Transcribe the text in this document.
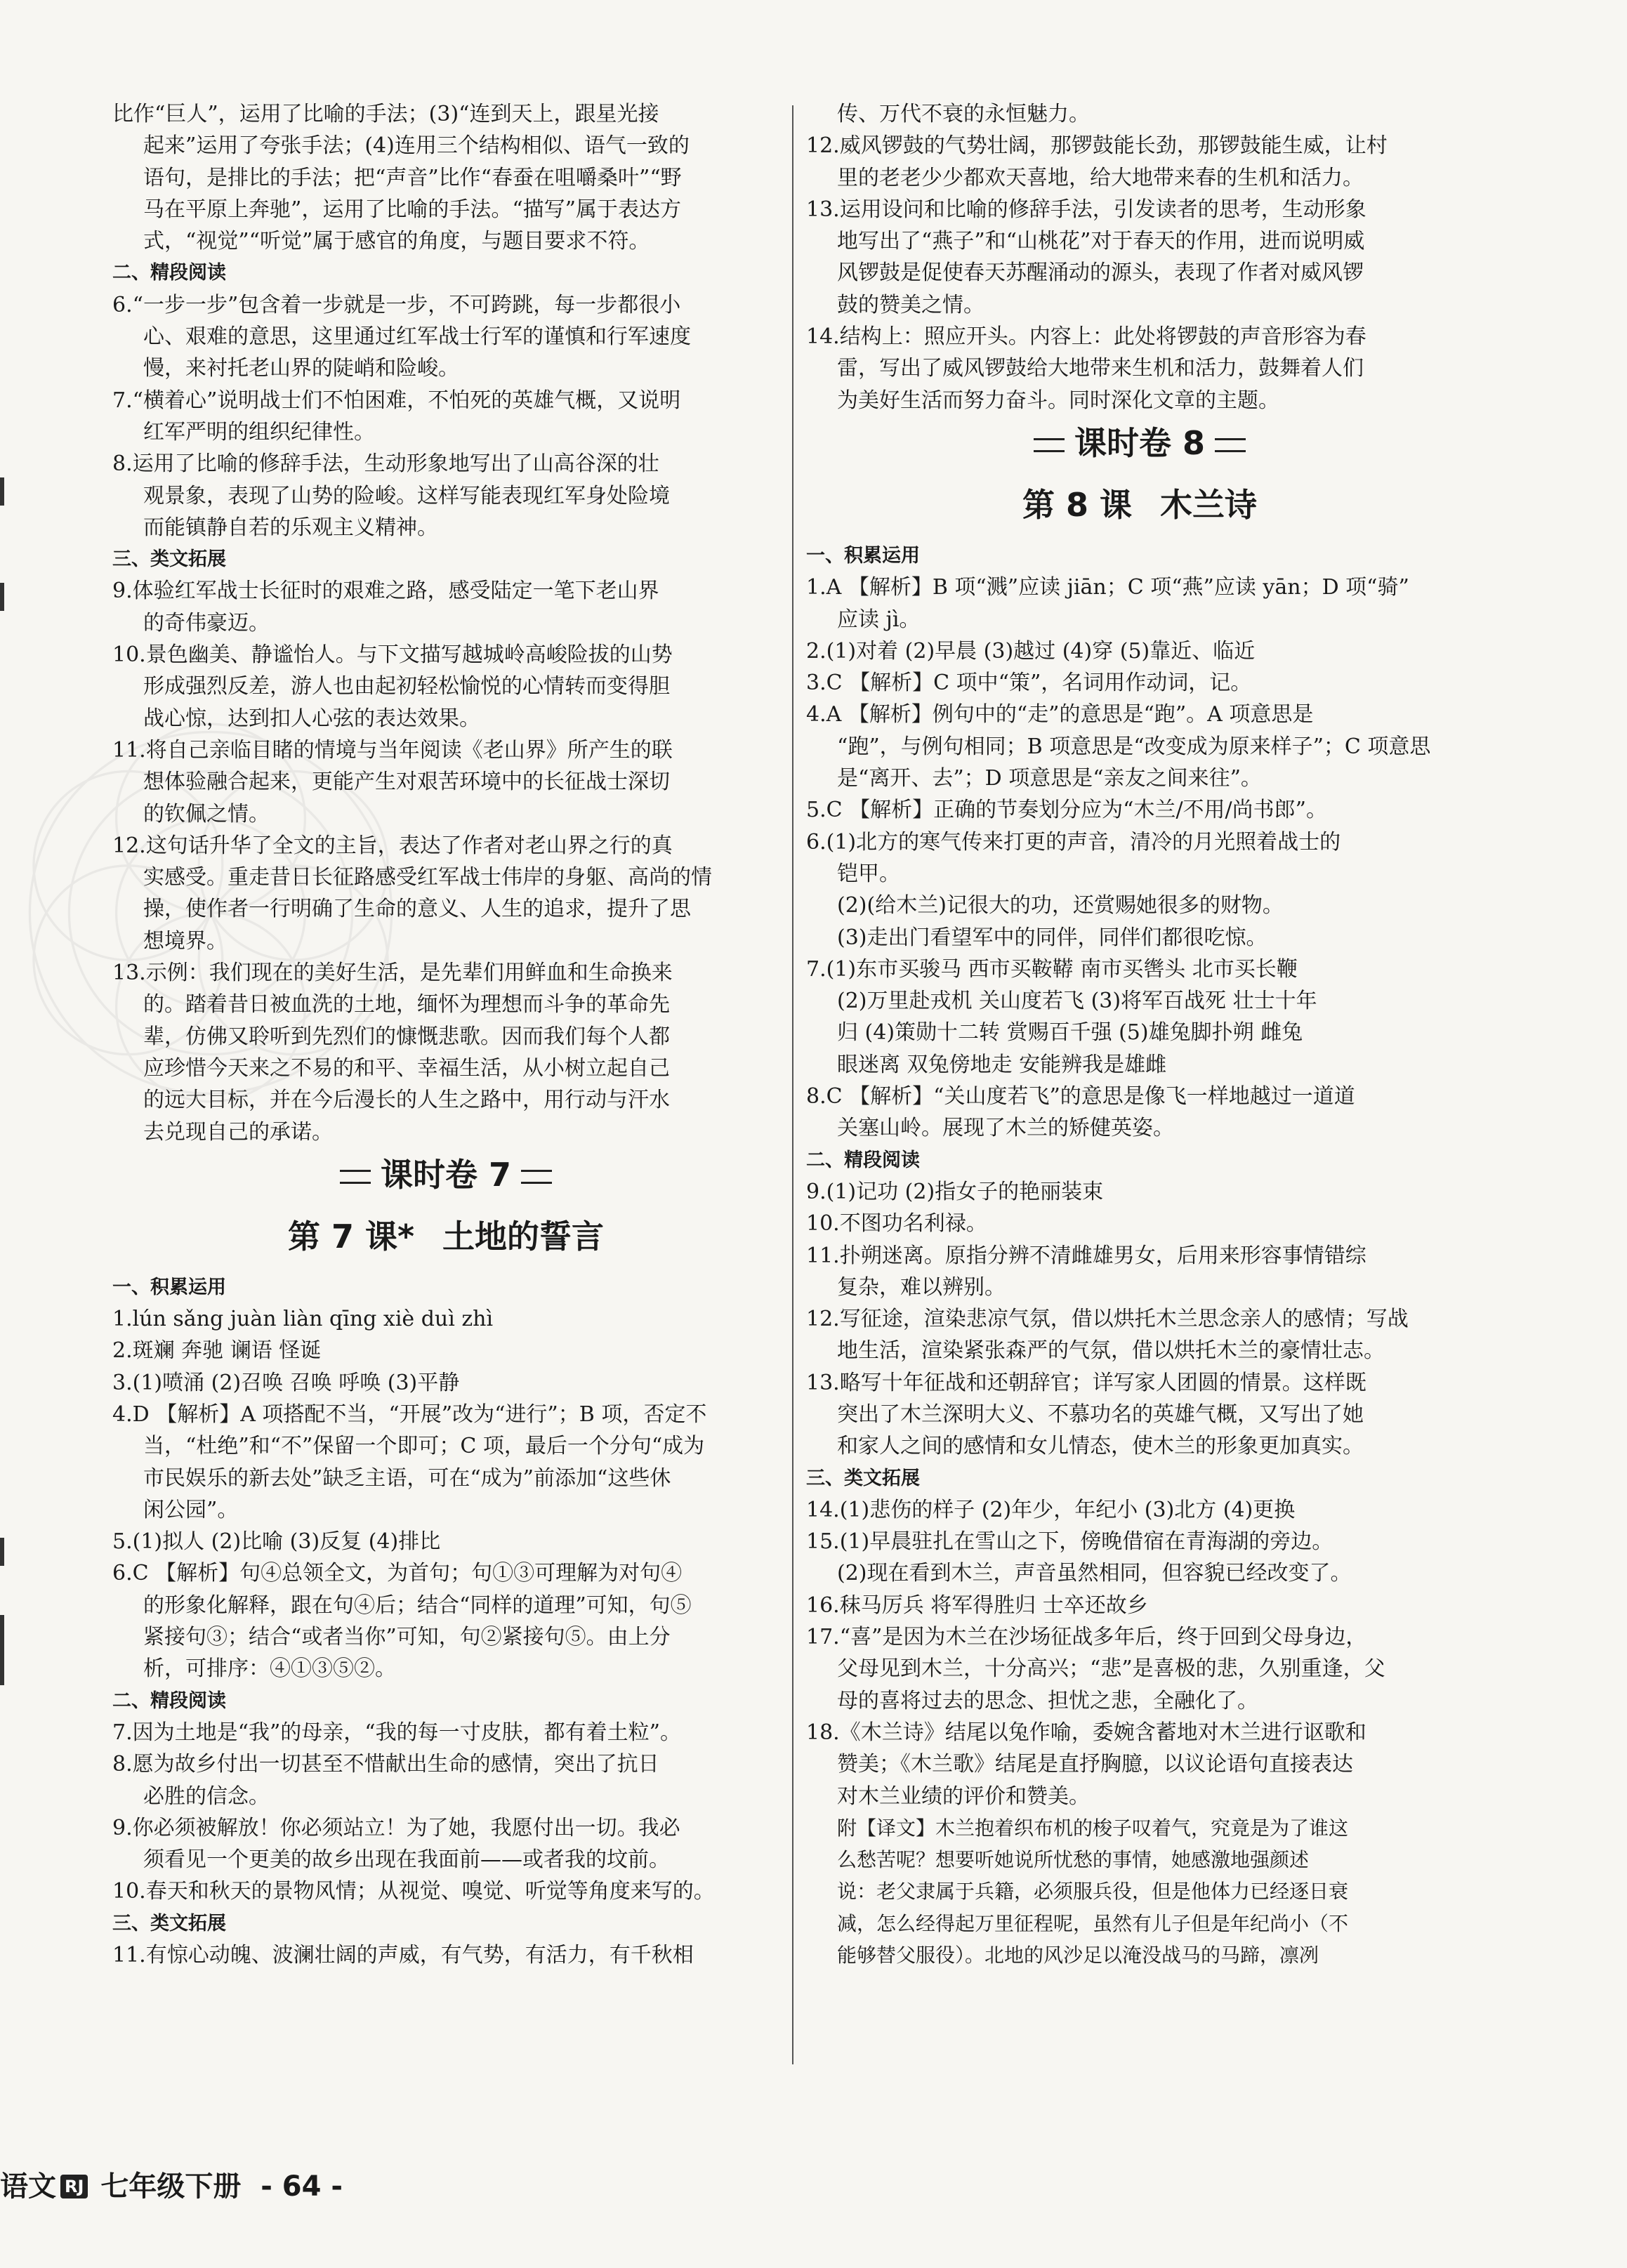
比作“巨人”，运用了比喻的手法；(3)“连到天上，跟星光接
起来”运用了夸张手法；(4)连用三个结构相似、语气一致的
语句，是排比的手法；把“声音”比作“春蚕在咀嚼桑叶”“野
马在平原上奔驰”，运用了比喻的手法。“描写”属于表达方
式，“视觉”“听觉”属于感官的角度，与题目要求不符。
二、精段阅读
6.“一步一步”包含着一步就是一步，不可跨跳，每一步都很小
心、艰难的意思，这里通过红军战士行军的谨慎和行军速度
慢，来衬托老山界的陡峭和险峻。
7.“横着心”说明战士们不怕困难，不怕死的英雄气概，又说明
红军严明的组织纪律性。
8.运用了比喻的修辞手法，生动形象地写出了山高谷深的壮
观景象，表现了山势的险峻。这样写能表现红军身处险境
而能镇静自若的乐观主义精神。
三、类文拓展
9.体验红军战士长征时的艰难之路，感受陆定一笔下老山界
的奇伟豪迈。
10.景色幽美、静谧怡人。与下文描写越城岭高峻险拔的山势
形成强烈反差，游人也由起初轻松愉悦的心情转而变得胆
战心惊，达到扣人心弦的表达效果。
11.将自己亲临目睹的情境与当年阅读《老山界》所产生的联
想体验融合起来，更能产生对艰苦环境中的长征战士深切
的钦佩之情。
12.这句话升华了全文的主旨，表达了作者对老山界之行的真
实感受。重走昔日长征路感受红军战士伟岸的身躯、高尚的情
操，使作者一行明确了生命的意义、人生的追求，提升了思
想境界。
13.示例：我们现在的美好生活，是先辈们用鲜血和生命换来
的。踏着昔日被血洗的土地，缅怀为理想而斗争的革命先
辈，仿佛又聆听到先烈们的慷慨悲歌。因而我们每个人都
应珍惜今天来之不易的和平、幸福生活，从小树立起自己
的远大目标，并在今后漫长的人生之路中，用行动与汗水
去兑现自己的承诺。
课时卷 7
第 7 课* 土地的誓言
一、积累运用
1.lún sǎng juàn liàn qīng xiè duì zhì
2.斑斓 奔驰 谰语 怪诞
3.(1)喷涌 (2)召唤 召唤 呼唤 (3)平静
4.D 【解析】A 项搭配不当，“开展”改为“进行”；B 项，否定不
当，“杜绝”和“不”保留一个即可；C 项，最后一个分句“成为
市民娱乐的新去处”缺乏主语，可在“成为”前添加“这些休
闲公园”。
5.(1)拟人 (2)比喻 (3)反复 (4)排比
6.C 【解析】句④总领全文，为首句；句①③可理解为对句④
的形象化解释，跟在句④后；结合“同样的道理”可知，句⑤
紧接句③；结合“或者当你”可知，句②紧接句⑤。由上分
析，可排序：④①③⑤②。
二、精段阅读
7.因为土地是“我”的母亲，“我的每一寸皮肤，都有着土粒”。
8.愿为故乡付出一切甚至不惜献出生命的感情，突出了抗日
必胜的信念。
9.你必须被解放！你必须站立！为了她，我愿付出一切。我必
须看见一个更美的故乡出现在我面前——或者我的坟前。
10.春天和秋天的景物风情；从视觉、嗅觉、听觉等角度来写的。
三、类文拓展
11.有惊心动魄、波澜壮阔的声威，有气势，有活力，有千秋相
传、万代不衰的永恒魅力。
12.威风锣鼓的气势壮阔，那锣鼓能长劲，那锣鼓能生威，让村
里的老老少少都欢天喜地，给大地带来春的生机和活力。
13.运用设问和比喻的修辞手法，引发读者的思考，生动形象
地写出了“燕子”和“山桃花”对于春天的作用，进而说明威
风锣鼓是促使春天苏醒涌动的源头，表现了作者对威风锣
鼓的赞美之情。
14.结构上：照应开头。内容上：此处将锣鼓的声音形容为春
雷，写出了威风锣鼓给大地带来生机和活力，鼓舞着人们
为美好生活而努力奋斗。同时深化文章的主题。
课时卷 8
第 8 课 木兰诗
一、积累运用
1.A 【解析】B 项“溅”应读 jiān；C 项“燕”应读 yān；D 项“骑”
应读 jì。
2.(1)对着 (2)早晨 (3)越过 (4)穿 (5)靠近、临近
3.C 【解析】C 项中“策”，名词用作动词，记。
4.A 【解析】例句中的“走”的意思是“跑”。A 项意思是
“跑”，与例句相同；B 项意思是“改变成为原来样子”；C 项意思
是“离开、去”；D 项意思是“亲友之间来往”。
5.C 【解析】正确的节奏划分应为“木兰/不用/尚书郎”。
6.(1)北方的寒气传来打更的声音，清冷的月光照着战士的
铠甲。
(2)(给木兰)记很大的功，还赏赐她很多的财物。
(3)走出门看望军中的同伴，同伴们都很吃惊。
7.(1)东市买骏马 西市买鞍鞯 南市买辔头 北市买长鞭
(2)万里赴戎机 关山度若飞 (3)将军百战死 壮士十年
归 (4)策勋十二转 赏赐百千强 (5)雄兔脚扑朔 雌兔
眼迷离 双兔傍地走 安能辨我是雄雌
8.C 【解析】“关山度若飞”的意思是像飞一样地越过一道道
关塞山岭。展现了木兰的矫健英姿。
二、精段阅读
9.(1)记功 (2)指女子的艳丽装束
10.不图功名利禄。
11.扑朔迷离。原指分辨不清雌雄男女，后用来形容事情错综
复杂，难以辨别。
12.写征途，渲染悲凉气氛，借以烘托木兰思念亲人的感情；写战
地生活，渲染紧张森严的气氛，借以烘托木兰的豪情壮志。
13.略写十年征战和还朝辞官；详写家人团圆的情景。这样既
突出了木兰深明大义、不慕功名的英雄气概，又写出了她
和家人之间的感情和女儿情态，使木兰的形象更加真实。
三、类文拓展
14.(1)悲伤的样子 (2)年少，年纪小 (3)北方 (4)更换
15.(1)早晨驻扎在雪山之下，傍晚借宿在青海湖的旁边。
(2)现在看到木兰，声音虽然相同，但容貌已经改变了。
16.秣马厉兵 将军得胜归 士卒还故乡
17.“喜”是因为木兰在沙场征战多年后，终于回到父母身边，
父母见到木兰，十分高兴；“悲”是喜极的悲，久别重逢，父
母的喜将过去的思念、担忧之悲，全融化了。
18.《木兰诗》结尾以兔作喻，委婉含蓄地对木兰进行讴歌和
赞美；《木兰歌》结尾是直抒胸臆，以议论语句直接表达
对木兰业绩的评价和赞美。
附【译文】木兰抱着织布机的梭子叹着气，究竟是为了谁这
么愁苦呢？想要听她说所忧愁的事情，她感激地强颜述
说：老父隶属于兵籍，必须服兵役，但是他体力已经逐日衰
减，怎么经得起万里征程呢，虽然有儿子但是年纪尚小（不
能够替父服役）。北地的风沙足以淹没战马的马蹄，凛冽
语文 RJ 七年级下册 - 64 -
